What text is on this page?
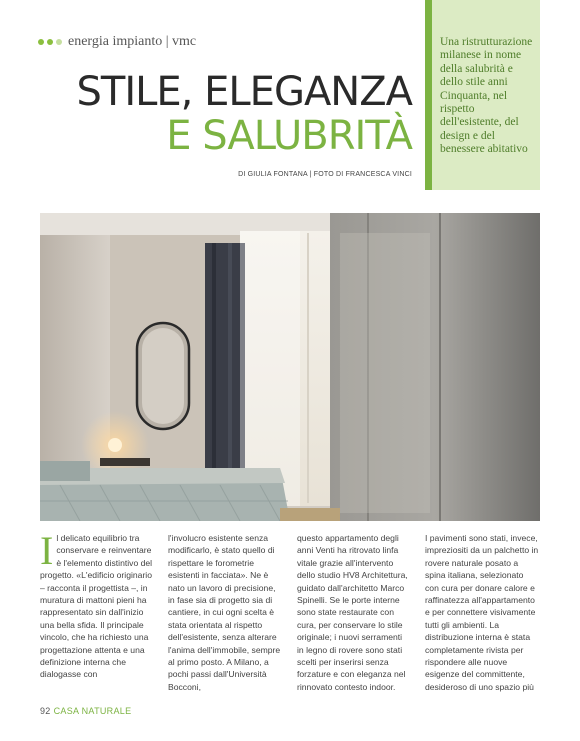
energia impianto | vmc
STILE, ELEGANZA
E SALUBRITÀ
DI GIULIA FONTANA | FOTO DI FRANCESCA VINCI

Una ristrutturazione milanese in nome della salubrità e dello stile anni Cinquanta, nel rispetto dell'esistente, del design e del benessere abitativo

I l delicato equilibrio tra conservare e reinventare è l'elemento distintivo del progetto. «L'edificio originario – racconta il progettista –, in muratura di mattoni pieni ha rappresentato sin dall'inizio una bella sfida. Il principale vincolo, che ha richiesto una progettazione attenta e una definizione interna che dialogasse con

l'involucro esistente senza modificarlo, è stato quello di rispettare le forometrie esistenti in facciata». Ne è nato un lavoro di precisione, in fase sia di progetto sia di cantiere, in cui ogni scelta è stata orientata al rispetto dell'esistente, senza alterare l'anima dell'immobile, sempre al primo posto. A Milano, a pochi passi dall'Università Bocconi,

questo appartamento degli anni Venti ha ritrovato linfa vitale grazie all'intervento dello studio HV8 Architettura, guidato dall'architetto Marco Spinelli. Se le porte interne sono state restaurate con cura, per conservare lo stile originale; i nuovi serramenti in legno di rovere sono stati scelti per inserirsi senza forzature e con eleganza nel rinnovato contesto indoor.

I pavimenti sono stati, invece, impreziositi da un palchetto in rovere naturale posato a spina italiana, selezionato con cura per donare calore e raffinatezza all'appartamento e per connettere visivamente tutti gli ambienti. La distribuzione interna è stata completamente rivista per rispondere alle nuove esigenze del committente, desideroso di uno spazio più

92 CASA NATURALE
